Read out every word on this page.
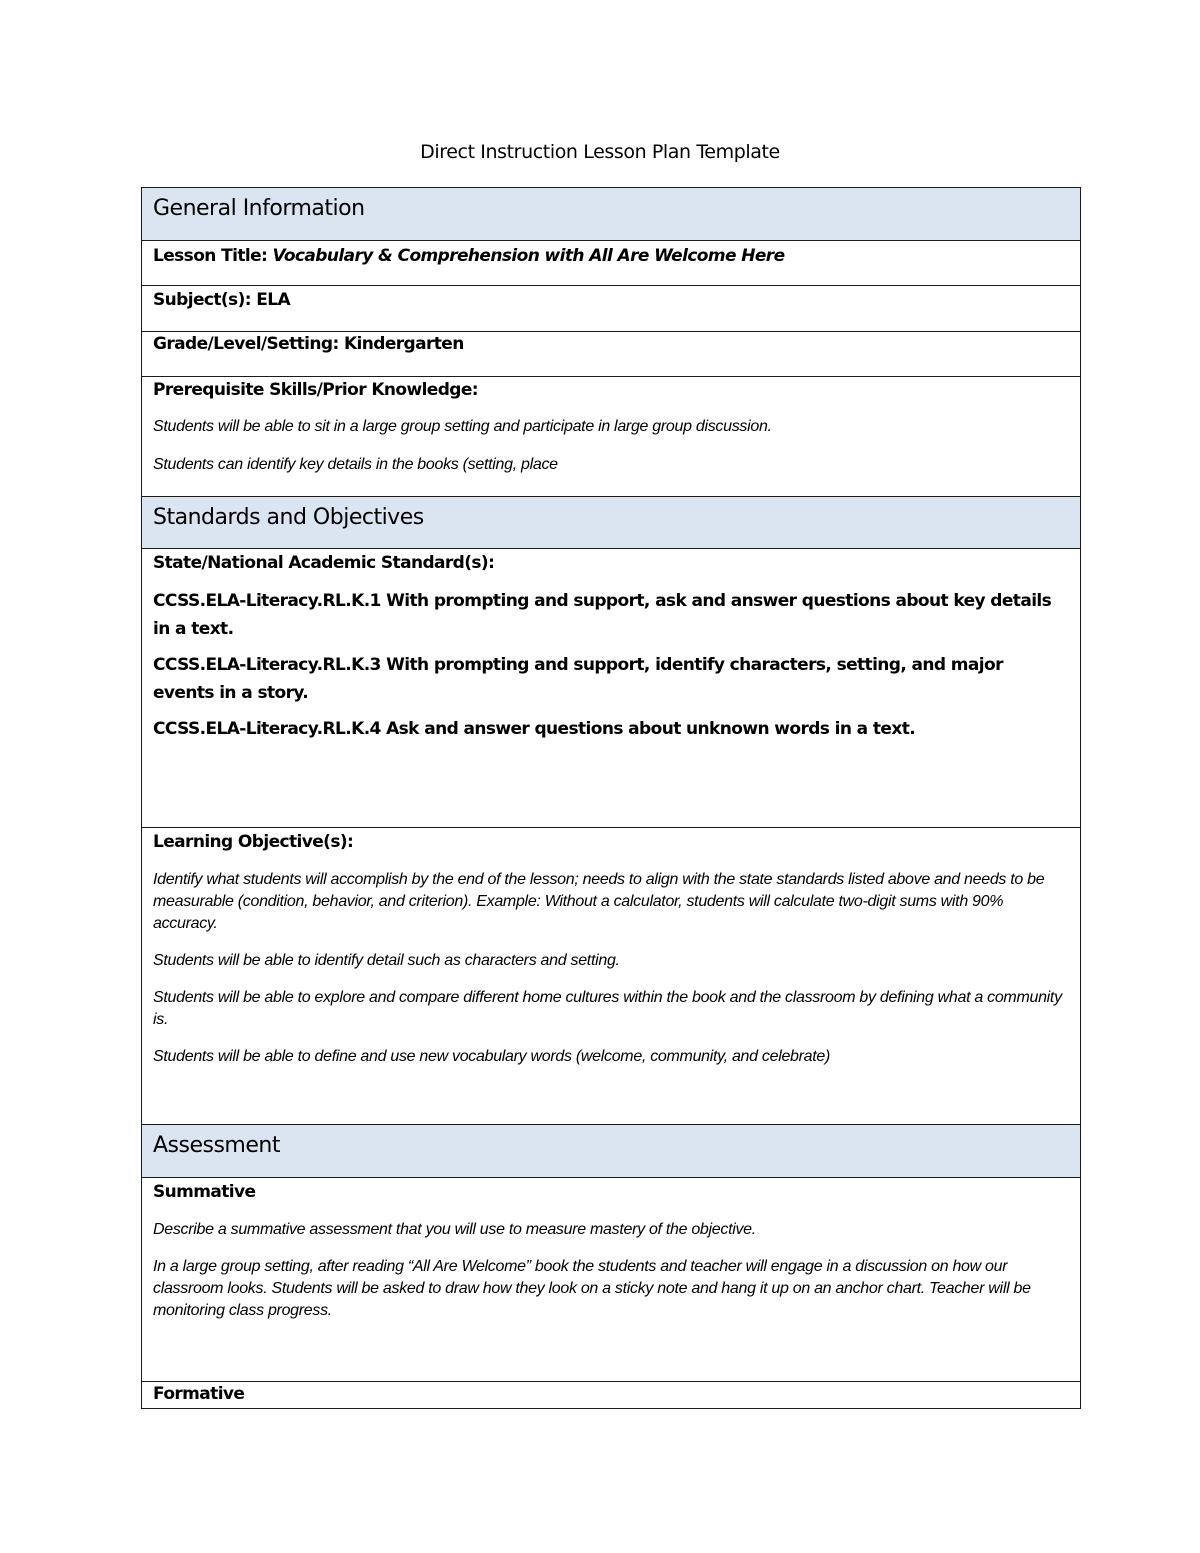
Direct Instruction Lesson Plan Template
General Information

Lesson Title: Vocabulary & Comprehension with All Are Welcome Here

Subject(s): ELA

Grade/Level/Setting: Kindergarten

Prerequisite Skills/Prior Knowledge:

Students will be able to sit in a large group setting and participate in large group discussion.

Students can identify key details in the books (setting, place

Standards and Objectives

State/National Academic Standard(s):

CCSS.ELA-Literacy.RL.K.1 With prompting and support, ask and answer questions about key details in a text.

CCSS.ELA-Literacy.RL.K.3 With prompting and support, identify characters, setting, and major events in a story.

CCSS.ELA-Literacy.RL.K.4 Ask and answer questions about unknown words in a text.

Learning Objective(s):

Identify what students will accomplish by the end of the lesson; needs to align with the state standards listed above and needs to be measurable (condition, behavior, and criterion). Example: Without a calculator, students will calculate two-digit sums with 90% accuracy.

Students will be able to identify detail such as characters and setting.

Students will be able to explore and compare different home cultures within the book and the classroom by defining what a community is.

Students will be able to define and use new vocabulary words (welcome, community, and celebrate)

Assessment

Summative

Describe a summative assessment that you will use to measure mastery of the objective.

In a large group setting, after reading “All Are Welcome” book the students and teacher will engage in a discussion on how our classroom looks. Students will be asked to draw how they look on a sticky note and hang it up on an anchor chart. Teacher will be monitoring class progress.

Formative
